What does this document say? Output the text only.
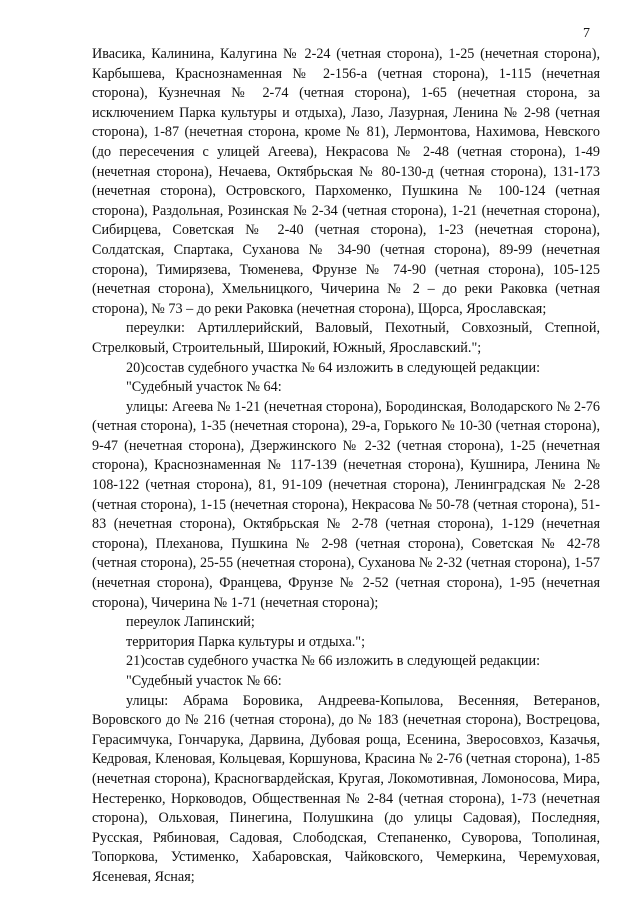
7

Ивасика, Калинина, Калугина № 2-24 (четная сторона), 1-25 (нечетная сторона), Карбышева, Краснознаменная № 2-156-а (четная сторона), 1-115 (нечетная сторона), Кузнечная № 2-74 (четная сторона), 1-65 (нечетная сторона, за исключением Парка культуры и отдыха), Лазо, Лазурная, Ленина № 2-98 (четная сторона), 1-87 (нечетная сторона, кроме № 81), Лермонтова, Нахимова, Невского (до пересечения с улицей Агеева), Некрасова № 2-48 (четная сторона), 1-49 (нечетная сторона), Нечаева, Октябрьская № 80-130-д (четная сторона), 131-173 (нечетная сторона), Островского, Пархоменко, Пушкина № 100-124 (четная сторона), Раздольная, Розинская № 2-34 (четная сторона), 1-21 (нечетная сторона), Сибирцева, Советская № 2-40 (четная сторона), 1-23 (нечетная сторона), Солдатская, Спартака, Суханова № 34-90 (четная сторона), 89-99 (нечетная сторона), Тимирязева, Тюменева, Фрунзе № 74-90 (четная сторона), 105-125 (нечетная сторона), Хмельницкого, Чичерина № 2 – до реки Раковка (четная сторона), № 73 – до реки Раковка (нечетная сторона), Щорса, Ярославская;

переулки: Артиллерийский, Валовый, Пехотный, Совхозный, Степной, Стрелковый, Строительный, Широкий, Южный, Ярославский.";

20)состав судебного участка № 64 изложить в следующей редакции:

"Судебный участок № 64:

улицы: Агеева № 1-21 (нечетная сторона), Бородинская, Володарского № 2-76 (четная сторона), 1-35 (нечетная сторона), 29-а, Горького № 10-30 (четная сторона), 9-47 (нечетная сторона), Дзержинского № 2-32 (четная сторона), 1-25 (нечетная сторона), Краснознаменная № 117-139 (нечетная сторона), Кушнира, Ленина № 108-122 (четная сторона), 81, 91-109 (нечетная сторона), Ленинградская № 2-28 (четная сторона), 1-15 (нечетная сторона), Некрасова № 50-78 (четная сторона), 51-83 (нечетная сторона), Октябрьская № 2-78 (четная сторона), 1-129 (нечетная сторона), Плеханова, Пушкина № 2-98 (четная сторона), Советская № 42-78 (четная сторона), 25-55 (нечетная сторона), Суханова № 2-32 (четная сторона), 1-57 (нечетная сторона), Францева, Фрунзе № 2-52 (четная сторона), 1-95 (нечетная сторона), Чичерина № 1-71 (нечетная сторона);

переулок Лапинский;

территория Парка культуры и отдыха.";

21)состав судебного участка № 66 изложить в следующей редакции:

"Судебный участок № 66:

улицы: Абрама Боровика, Андреева-Копылова, Весенняя, Ветеранов, Воровского до № 216 (четная сторона), до № 183 (нечетная сторона), Вострецова, Герасимчука, Гончарука, Дарвина, Дубовая роща, Есенина, Зверосовхоз, Казачья, Кедровая, Кленовая, Кольцевая, Коршунова, Красина № 2-76 (четная сторона), 1-85 (нечетная сторона), Красногвардейская, Кругая, Локомотивная, Ломоносова, Мира, Нестеренко, Норководов, Общественная № 2-84 (четная сторона), 1-73 (нечетная сторона), Ольховая, Пинегина, Полушкина (до улицы Садовая), Последняя, Русская, Рябиновая, Садовая, Слободская, Степаненко, Суворова, Тополиная, Топоркова, Устименко, Хабаровская, Чайковского, Чемеркина, Черемуховая, Ясеневая, Ясная;
